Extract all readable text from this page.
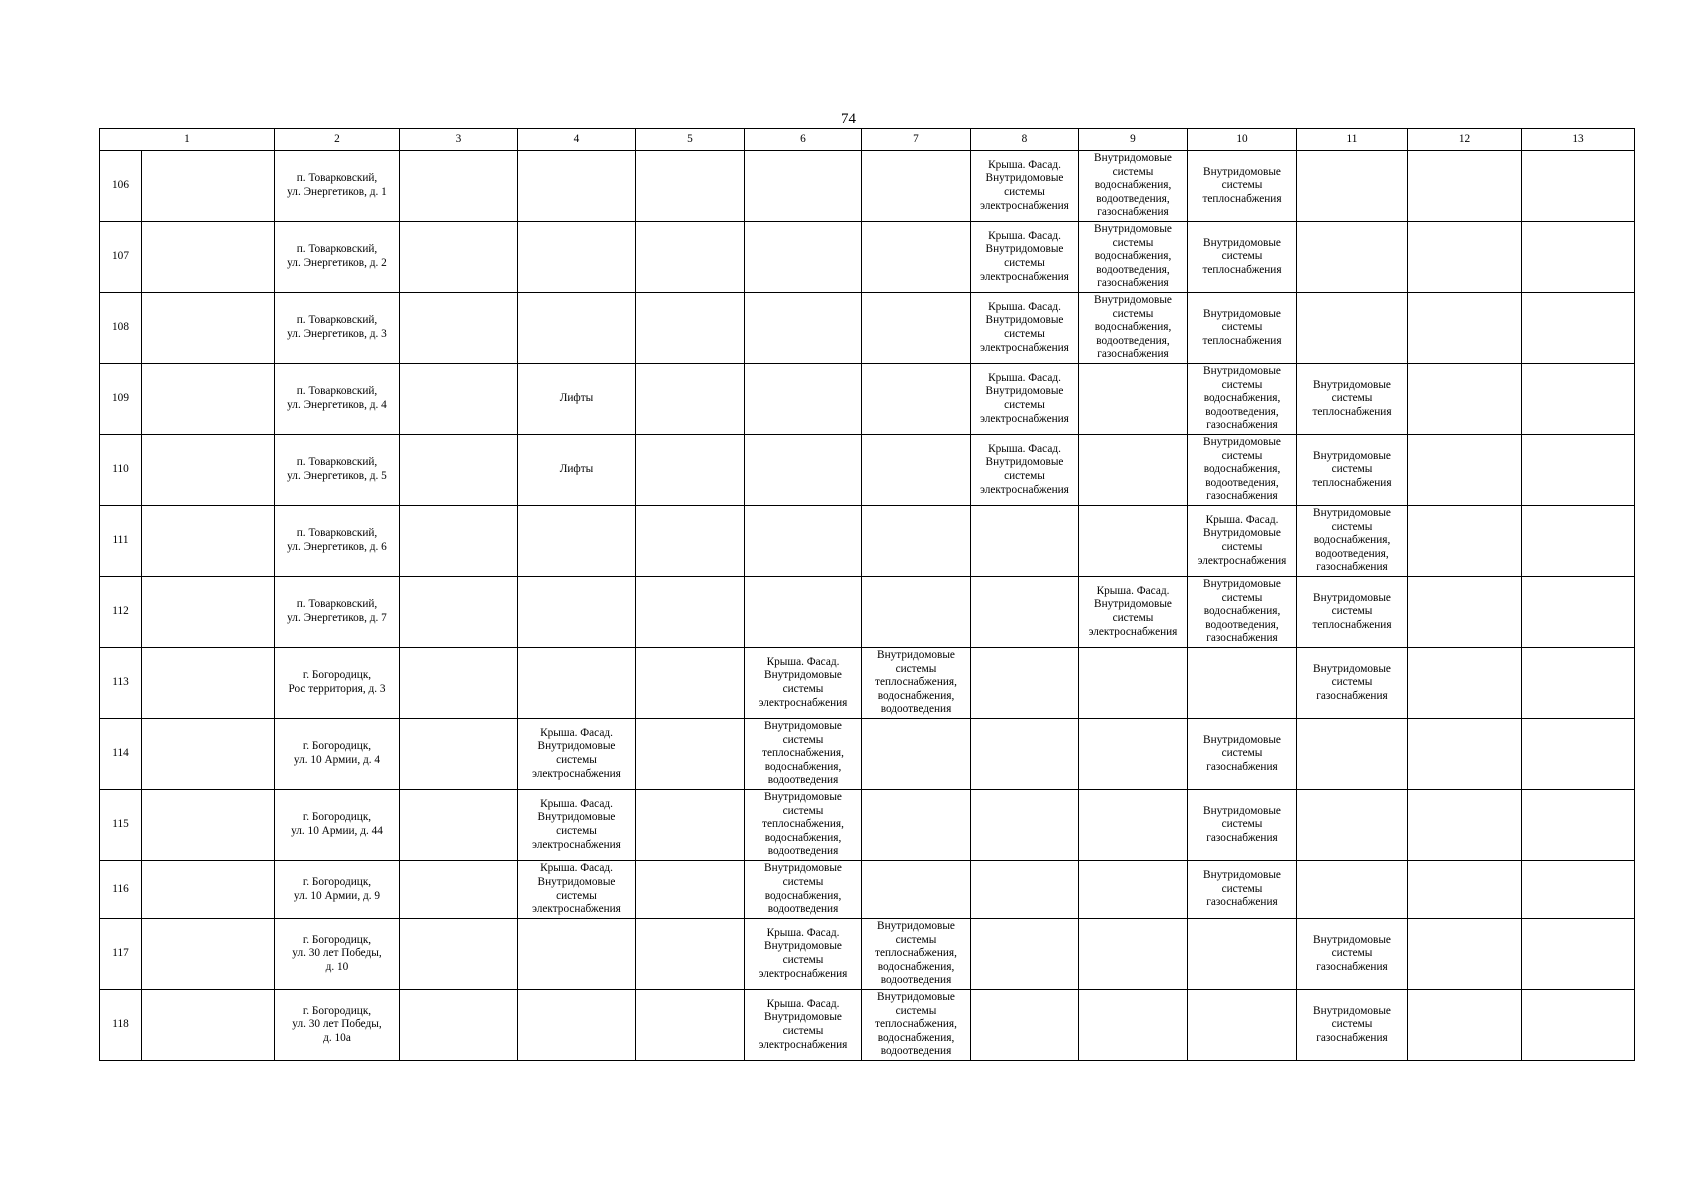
74
1		2	3	4	5	6	7	8	9	10	11	12	13
106		п. Товарковский,
ул. Энергетиков, д. 1						Крыша. Фасад.
Внутридомовые
системы
электроснабжения	Внутридомовые
системы
водоснабжения,
водоотведения,
газоснабжения	Внутридомовые
системы
теплоснабжения			

107		п. Товарковский,
ул. Энергетиков, д. 2						Крыша. Фасад.
Внутридомовые
системы
электроснабжения	Внутридомовые
системы
водоснабжения,
водоотведения,
газоснабжения	Внутридомовые
системы
теплоснабжения			

108		п. Товарковский,
ул. Энергетиков, д. 3						Крыша. Фасад.
Внутридомовые
системы
электроснабжения	Внутридомовые
системы
водоснабжения,
водоотведения,
газоснабжения	Внутридомовые
системы
теплоснабжения			

109		п. Товарковский,
ул. Энергетиков, д. 4		Лифты				Крыша. Фасад.
Внутридомовые
системы
электроснабжения		Внутридомовые
системы
водоснабжения,
водоотведения,
газоснабжения	Внутридомовые
системы
теплоснабжения		

110		п. Товарковский,
ул. Энергетиков, д. 5		Лифты				Крыша. Фасад.
Внутридомовые
системы
электроснабжения		Внутридомовые
системы
водоснабжения,
водоотведения,
газоснабжения	Внутридомовые
системы
теплоснабжения		

111		п. Товарковский,
ул. Энергетиков, д. 6								Крыша. Фасад.
Внутридомовые
системы
электроснабжения	Внутридомовые
системы
водоснабжения,
водоотведения,
газоснабжения		

112		п. Товарковский,
ул. Энергетиков, д. 7							Крыша. Фасад.
Внутридомовые
системы
электроснабжения	Внутридомовые
системы
водоснабжения,
водоотведения,
газоснабжения	Внутридомовые
системы
теплоснабжения		

113		г. Богородицк,
Рос территория, д. 3				Крыша. Фасад.
Внутридомовые
системы
электроснабжения	Внутридомовые
системы
теплоснабжения,
водоснабжения,
водоотведения				Внутридомовые
системы
газоснабжения		

114		г. Богородицк,
ул. 10 Армии, д. 4		Крыша. Фасад.
Внутридомовые
системы
электроснабжения		Внутридомовые
системы
теплоснабжения,
водоснабжения,
водоотведения				Внутридомовые
системы
газоснабжения			

115		г. Богородицк,
ул. 10 Армии, д. 44		Крыша. Фасад.
Внутридомовые
системы
электроснабжения		Внутридомовые
системы
теплоснабжения,
водоснабжения,
водоотведения				Внутридомовые
системы
газоснабжения			

116		г. Богородицк,
ул. 10 Армии, д. 9		Крыша. Фасад.
Внутридомовые
системы
электроснабжения		Внутридомовые
системы
водоснабжения,
водоотведения				Внутридомовые
системы
газоснабжения			

117		г. Богородицк,
ул. 30 лет Победы,
д. 10				Крыша. Фасад.
Внутридомовые
системы
электроснабжения	Внутридомовые
системы
теплоснабжения,
водоснабжения,
водоотведения				Внутридомовые
системы
газоснабжения		

118		г. Богородицк,
ул. 30 лет Победы,
д. 10а				Крыша. Фасад.
Внутридомовые
системы
электроснабжения	Внутридомовые
системы
теплоснабжения,
водоснабжения,
водоотведения				Внутридомовые
системы
газоснабжения		
